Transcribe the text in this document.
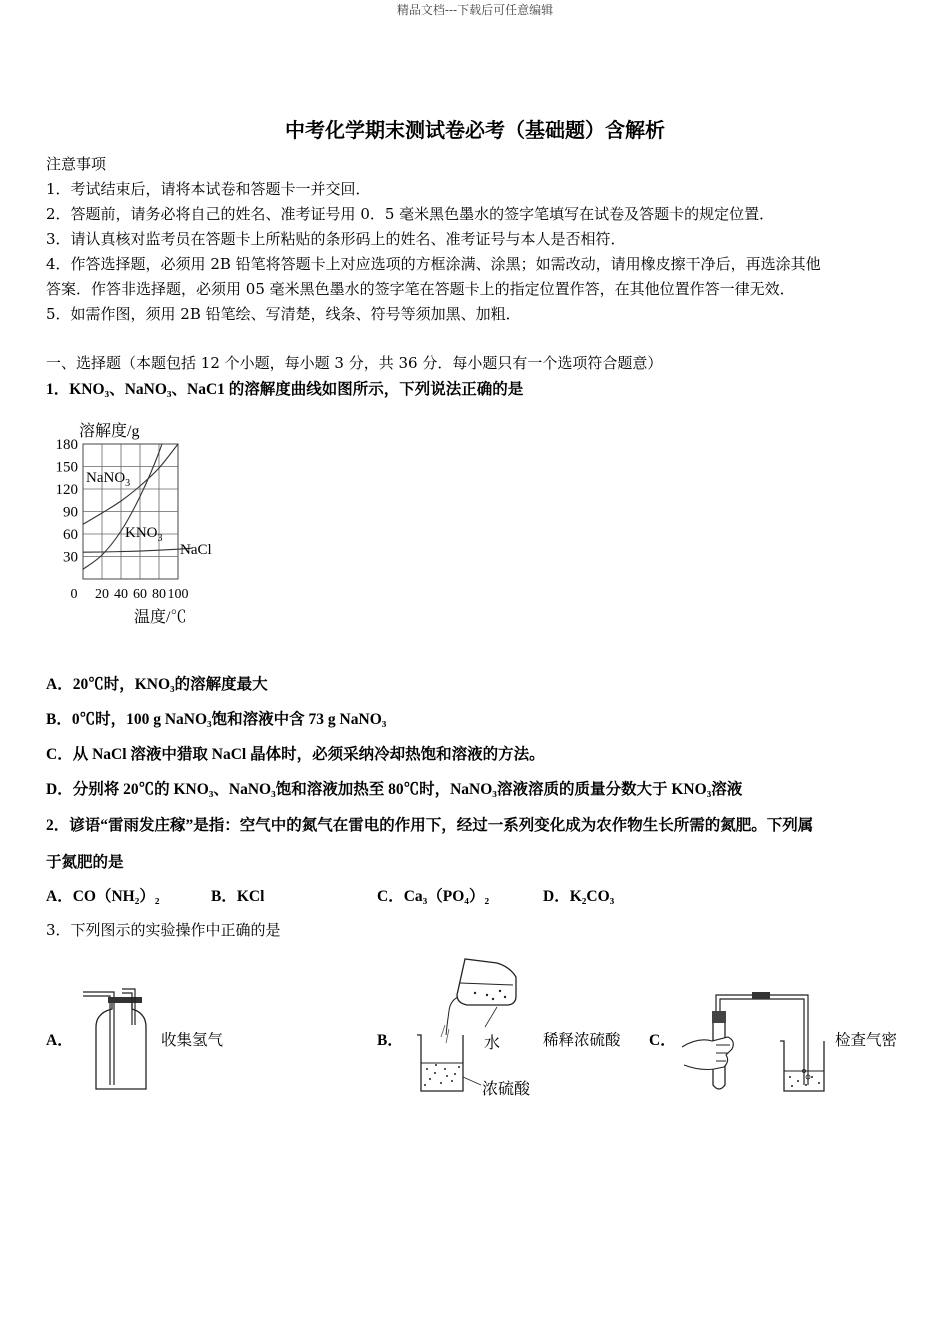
精品文档---下载后可任意编辑
中考化学期末测试卷必考（基础题）含解析
注意事项
1．考试结束后，请将本试卷和答题卡一并交回．
2．答题前，请务必将自己的姓名、准考证号用 0．5 毫米黑色墨水的签字笔填写在试卷及答题卡的规定位置．
3．请认真核对监考员在答题卡上所粘贴的条形码上的姓名、准考证号与本人是否相符．
4．作答选择题，必须用 2B 铅笔将答题卡上对应选项的方框涂满、涂黑；如需改动，请用橡皮擦干净后，再选涂其他
答案．作答非选择题，必须用 05 毫米黑色墨水的签字笔在答题卡上的指定位置作答，在其他位置作答一律无效．
5．如需作图，须用 2B 铅笔绘、写清楚，线条、符号等须加黑、加粗．
一、选择题（本题包括 12 个小题，每小题 3 分，共 36 分．每小题只有一个选项符合题意）
1．KNO₃、NaNO₃、NaC1 的溶解度曲线如图所示，下列说法正确的是
溶解度/g
30
60
90
120
150
180
0 20 40 60 80 100
NaNO$_3$
$KNO_3$
NaCl
温度/℃
A．20℃时，KNO₃的溶解度最大
B．0℃时，100 g NaNO₃饱和溶液中含 73 g NaNO₃
C．从 NaCl 溶液中猎取 NaCl 晶体时，必须采纳冷却热饱和溶液的方法。
D．分别将 20℃的 KNO₃、NaNO₃饱和溶液加热至 80℃时，NaNO₃溶液溶质的质量分数大于 KNO₃溶液
2．谚语“雷雨发庄稼”是指：空气中的氮气在雷电的作用下，经过一系列变化成为农作物生长所需的氮肥。下列属
于氮肥的是
A．CO（NH₂）₂	B．KCl	C．Ca₃（PO₄）₂	D．K₂CO₃
3．下列图示的实验操作中正确的是
A．	收集氢气	B．	水
浓硫酸
稀释浓硫酸 C．	检查气密
